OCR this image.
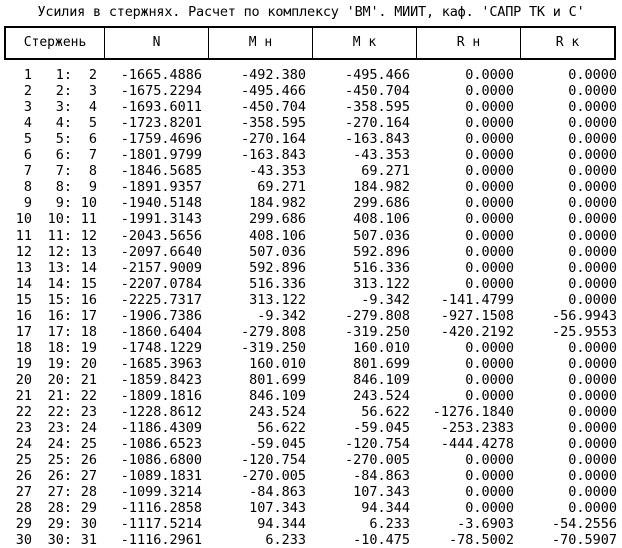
Усилия в стержнях. Расчет по комплексу 'ВМ'. МИИТ, каф. 'САПР ТК и С'
Стержень	N	М н	М к	R н	R к
1 1: 2 -1665.4886	-492.380	-495.466	0.0000	0.0000
2 2: 3 -1675.2294	-495.466	-450.704	0.0000	0.0000
3 3: 4 -1693.6011	-450.704	-358.595	0.0000	0.0000
4 4: 5 -1723.8201	-358.595	-270.164	0.0000	0.0000
5 5: 6 -1759.4696	-270.164	-163.843	0.0000	0.0000
6 6: 7 -1801.9799	-163.843	-43.353	0.0000	0.0000
7 7: 8 -1846.5685	-43.353	69.271	0.0000	0.0000
8 8: 9 -1891.9357	69.271	184.982	0.0000	0.0000
9 9: 10 -1940.5148	184.982	299.686	0.0000	0.0000
10 10: 11 -1991.3143	299.686	408.106	0.0000	0.0000
11 11: 12 -2043.5656	408.106	507.036	0.0000	0.0000
12 12: 13 -2097.6640	507.036	592.896	0.0000	0.0000
13 13: 14 -2157.9009	592.896	516.336	0.0000	0.0000
14 14: 15 -2207.0784	516.336	313.122	0.0000	0.0000
15 15: 16 -2225.7317	313.122	-9.342 -141.4799	0.0000
16 16: 17 -1906.7386	-9.342	-279.808 -927.1508	-56.9943
17 17: 18 -1860.6404	-279.808	-319.250 -420.2192	-25.9553
18 18: 19 -1748.1229	-319.250	160.010	0.0000	0.0000
19 19: 20 -1685.3963	160.010	801.699	0.0000	0.0000
20 20: 21 -1859.8423	801.699	846.109	0.0000	0.0000
21 21: 22 -1809.1816	846.109	243.524	0.0000	0.0000
22 22: 23 -1228.8612	243.524	56.622 -1276.1840	0.0000
23 23: 24 -1186.4309	56.622	-59.045 -253.2383	0.0000
24 24: 25 -1086.6523	-59.045	-120.754 -444.4278	0.0000
25 25: 26 -1086.6800	-120.754	-270.005	0.0000	0.0000
26 26: 27 -1089.1831	-270.005	-84.863	0.0000	0.0000
27 27: 28 -1099.3214	-84.863	107.343	0.0000	0.0000
28 28: 29 -1116.2858	107.343	94.344	0.0000	0.0000
29 29: 30 -1117.5214	94.344	6.233	-3.6903	-54.2556
30 30: 31 -1116.2961	6.233	-10.475	-78.5002	-70.5907
